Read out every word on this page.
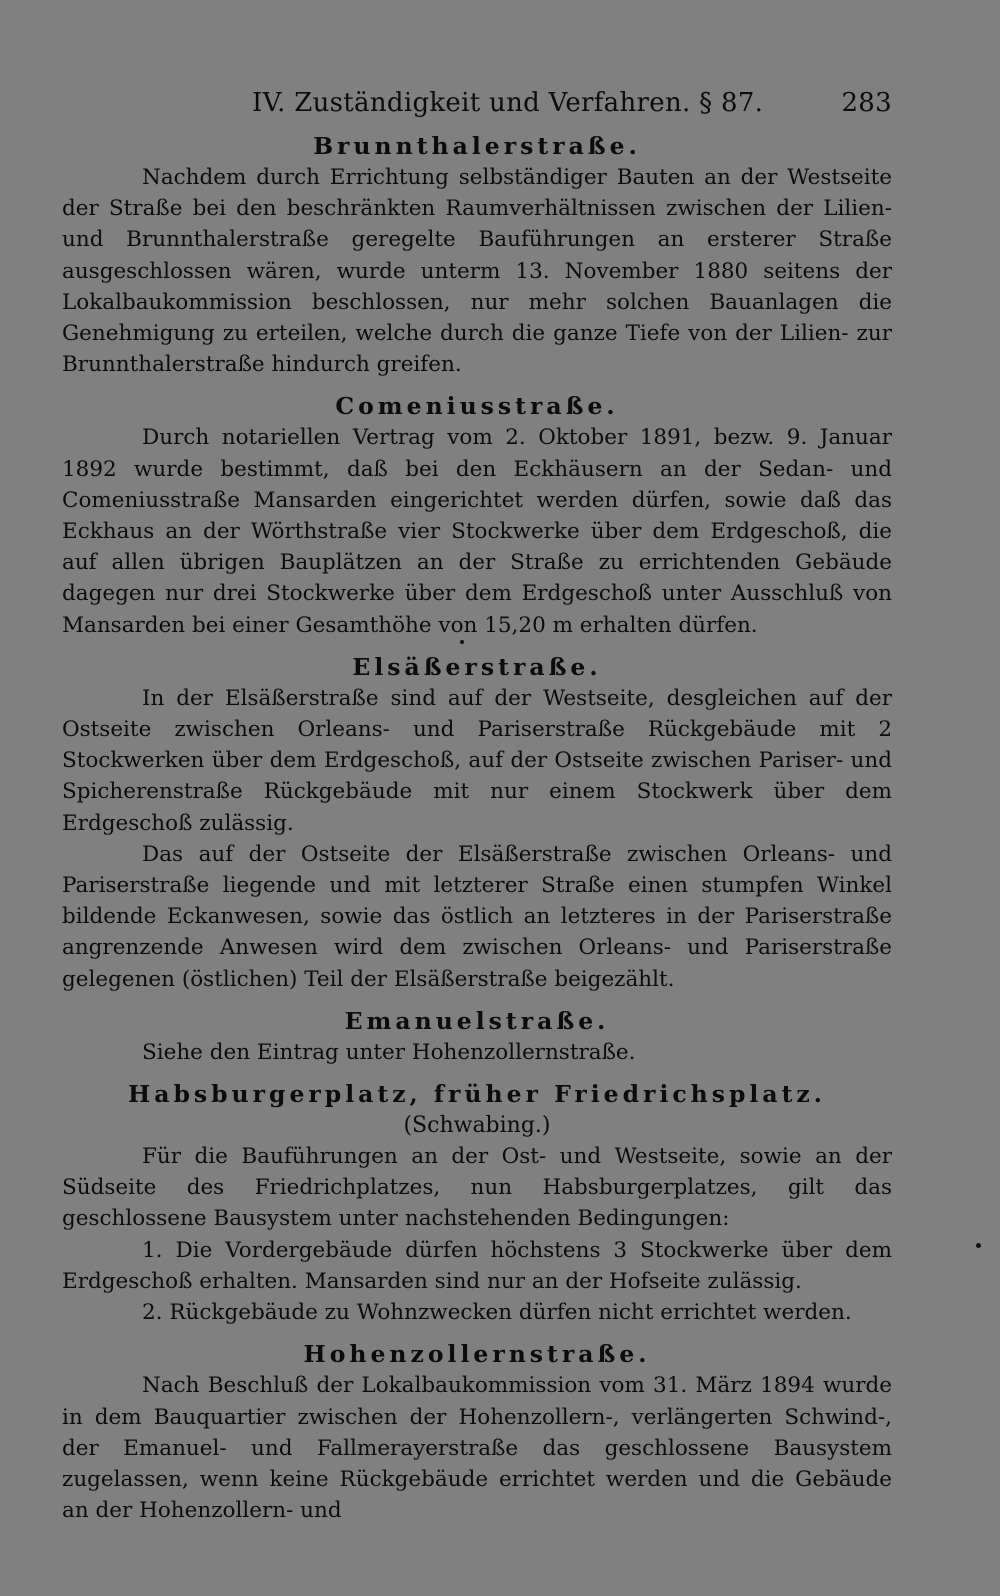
IV. Zuständigkeit und Verfahren. § 87.	283
Brunnthalerstraße.

Nachdem durch Errichtung selbständiger Bauten an der Westseite der Straße bei den beschränkten Raumverhältnissen zwischen der Lilien- und Brunnthalerstraße geregelte Bauführungen an ersterer Straße ausgeschlossen wären, wurde unterm 13. November 1880 seitens der Lokalbaukommission beschlossen, nur mehr solchen Bauanlagen die Genehmigung zu erteilen, welche durch die ganze Tiefe von der Lilien- zur Brunnthalerstraße hindurch greifen.

Comeniusstraße.

Durch notariellen Vertrag vom 2. Oktober 1891, bezw. 9. Januar 1892 wurde bestimmt, daß bei den Eckhäusern an der Sedan- und Comeniusstraße Mansarden eingerichtet werden dürfen, sowie daß das Eckhaus an der Wörthstraße vier Stockwerke über dem Erdgeschoß, die auf allen übrigen Bauplätzen an der Straße zu errichtenden Gebäude dagegen nur drei Stockwerke über dem Erdgeschoß unter Ausschluß von Mansarden bei einer Gesamthöhe von 15,20 m erhalten dürfen.

Elsäßerstraße.

In der Elsäßerstraße sind auf der Westseite, desgleichen auf der Ostseite zwischen Orleans- und Pariserstraße Rückgebäude mit 2 Stockwerken über dem Erdgeschoß, auf der Ostseite zwischen Pariser- und Spicherenstraße Rückgebäude mit nur einem Stockwerk über dem Erdgeschoß zulässig.

Das auf der Ostseite der Elsäßerstraße zwischen Orleans- und Pariserstraße liegende und mit letzterer Straße einen stumpfen Winkel bildende Eckanwesen, sowie das östlich an letzteres in der Pariserstraße angrenzende Anwesen wird dem zwischen Orleans- und Pariserstraße gelegenen (östlichen) Teil der Elsäßerstraße beigezählt.

Emanuelstraße.

Siehe den Eintrag unter Hohenzollernstraße.

Habsburgerplatz, früher Friedrichsplatz.

(Schwabing.)

Für die Bauführungen an der Ost- und Westseite, sowie an der Südseite des Friedrichplatzes, nun Habsburgerplatzes, gilt das geschlossene Bausystem unter nachstehenden Bedingungen:

1. Die Vordergebäude dürfen höchstens 3 Stockwerke über dem Erdgeschoß erhalten. Mansarden sind nur an der Hofseite zulässig.

2. Rückgebäude zu Wohnzwecken dürfen nicht errichtet werden.

Hohenzollernstraße.

Nach Beschluß der Lokalbaukommission vom 31. März 1894 wurde in dem Bauquartier zwischen der Hohenzollern-, verlängerten Schwind-, der Emanuel- und Fallmerayerstraße das geschlossene Bausystem zugelassen, wenn keine Rückgebäude errichtet werden und die Gebäude an der Hohenzollern- und
